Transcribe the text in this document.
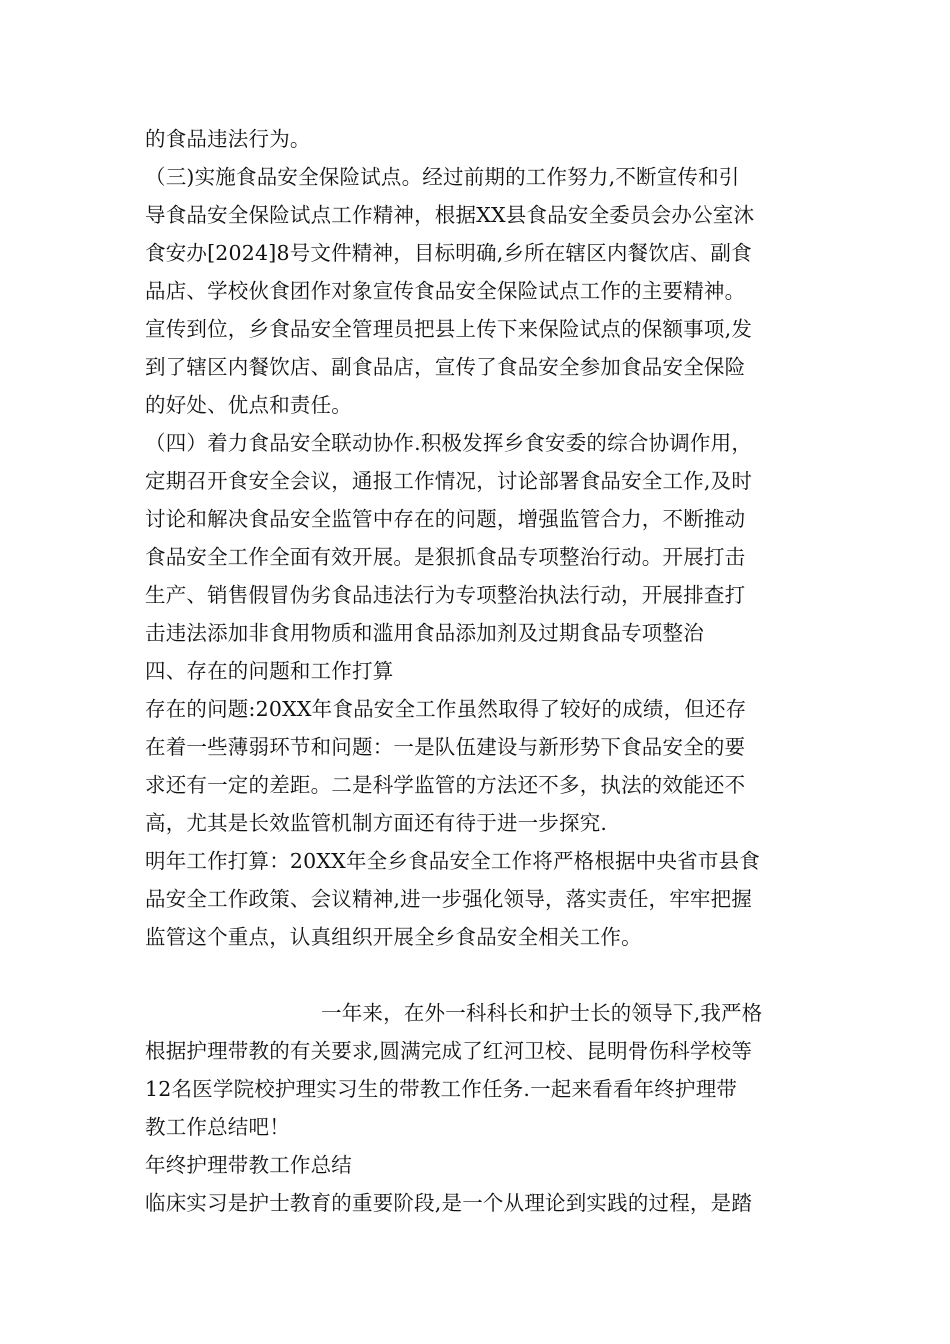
的食品违法行为。
（三)实施食品安全保险试点。经过前期的工作努力,不断宣传和引
导食品安全保险试点工作精神，根据XX县食品安全委员会办公室沐
食安办[2024]8号文件精神，目标明确,乡所在辖区内餐饮店、副食
品店、学校伙食团作对象宣传食品安全保险试点工作的主要精神。
宣传到位，乡食品安全管理员把县上传下来保险试点的保额事项,发
到了辖区内餐饮店、副食品店，宣传了食品安全参加食品安全保险
的好处、优点和责任。
（四）着力食品安全联动协作.积极发挥乡食安委的综合协调作用，
定期召开食安全会议，通报工作情况，讨论部署食品安全工作,及时
讨论和解决食品安全监管中存在的问题，增强监管合力，不断推动
食品安全工作全面有效开展。是狠抓食品专项整治行动。开展打击
生产、销售假冒伪劣食品违法行为专项整治执法行动，开展排查打
击违法添加非食用物质和滥用食品添加剂及过期食品专项整治
四、存在的问题和工作打算
存在的问题:20XX年食品安全工作虽然取得了较好的成绩，但还存
在着一些薄弱环节和问题：一是队伍建设与新形势下食品安全的要
求还有一定的差距。二是科学监管的方法还不多，执法的效能还不
高，尤其是长效监管机制方面还有待于进一步探究.
明年工作打算：20XX年全乡食品安全工作将严格根据中央省市县食
品安全工作政策、会议精神,进一步强化领导，落实责任，牢牢把握
监管这个重点，认真组织开展全乡食品安全相关工作。
一年来，在外一科科长和护士长的领导下,我严格
根据护理带教的有关要求,圆满完成了红河卫校、昆明骨伤科学校等
12名医学院校护理实习生的带教工作任务.一起来看看年终护理带
教工作总结吧！
年终护理带教工作总结
临床实习是护士教育的重要阶段,是一个从理论到实践的过程，是踏
